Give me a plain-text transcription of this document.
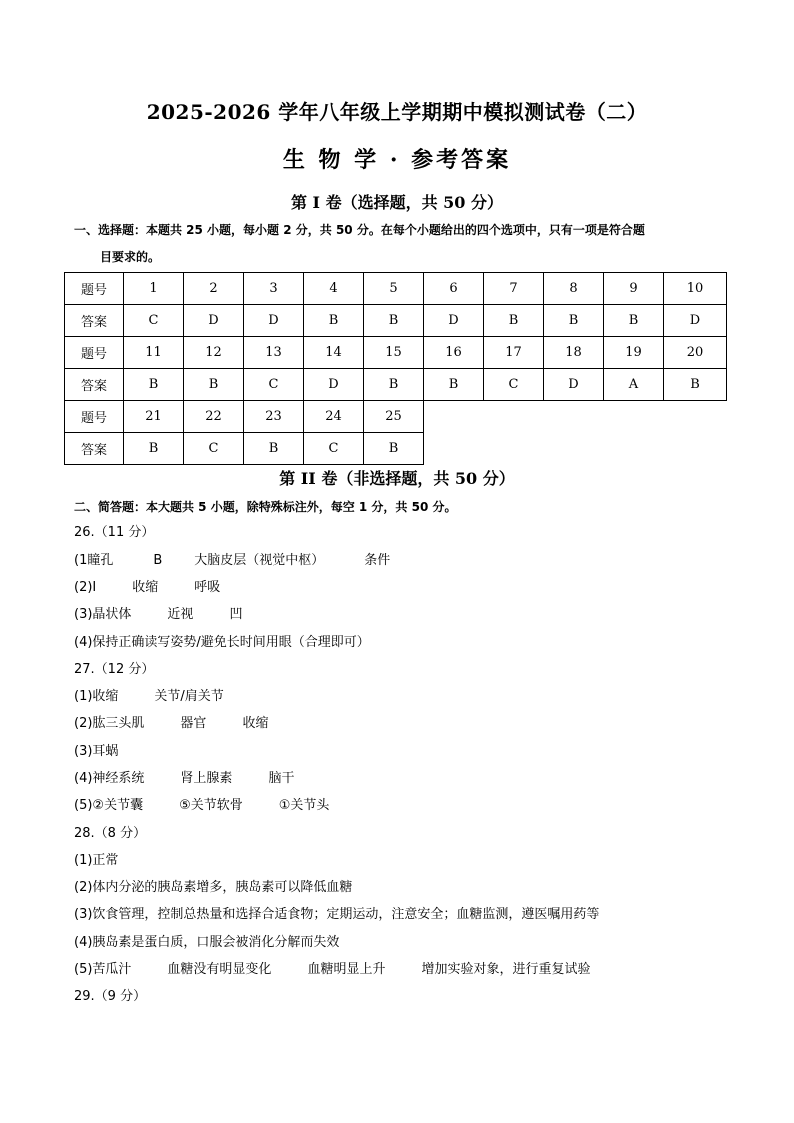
2025-2026 学年八年级上学期期中模拟测试卷（二）
生 物 学 · 参考答案
第 I 卷（选择题，共 50 分）
一、选择题：本题共 25 小题，每小题 2 分，共 50 分。在每个小题给出的四个选项中，只有一项是符合题
目要求的。
题号	1	2	3	4	5	6	7	8	9	10
答案	C	D	D	B	B	D	B	B	B	D
题号	11	12	13	14	15	16	17	18	19	20
答案	B	B	C	D	B	B	C	D	A	B
题号	21	22	23	24	25					
答案	B	C	B	C	B					
第 II 卷（非选择题，共 50 分）
二、简答题：本大题共 5 小题，除特殊标注外，每空 1 分，共 50 分。
26.（11 分）
(1瞳孔	B 大脑皮层（视觉中枢）	条件
(2)I	收缩	呼吸
(3)晶状体	近视	凹
(4)保持正确读写姿势/避免长时间用眼（合理即可）
27.（12 分）
(1)收缩	关节/肩关节
(2)肱三头肌	器官	收缩
(3)耳蜗
(4)神经系统	肾上腺素	脑干
(5)②关节囊	⑤关节软骨	①关节头
28.（8 分）
(1)正常
(2)体内分泌的胰岛素增多，胰岛素可以降低血糖
(3)饮食管理，控制总热量和选择合适食物；定期运动，注意安全；血糖监测，遵医嘱用药等
(4)胰岛素是蛋白质，口服会被消化分解而失效
(5)苦瓜汁	血糖没有明显变化	血糖明显上升	增加实验对象，进行重复试验
29.（9 分）
